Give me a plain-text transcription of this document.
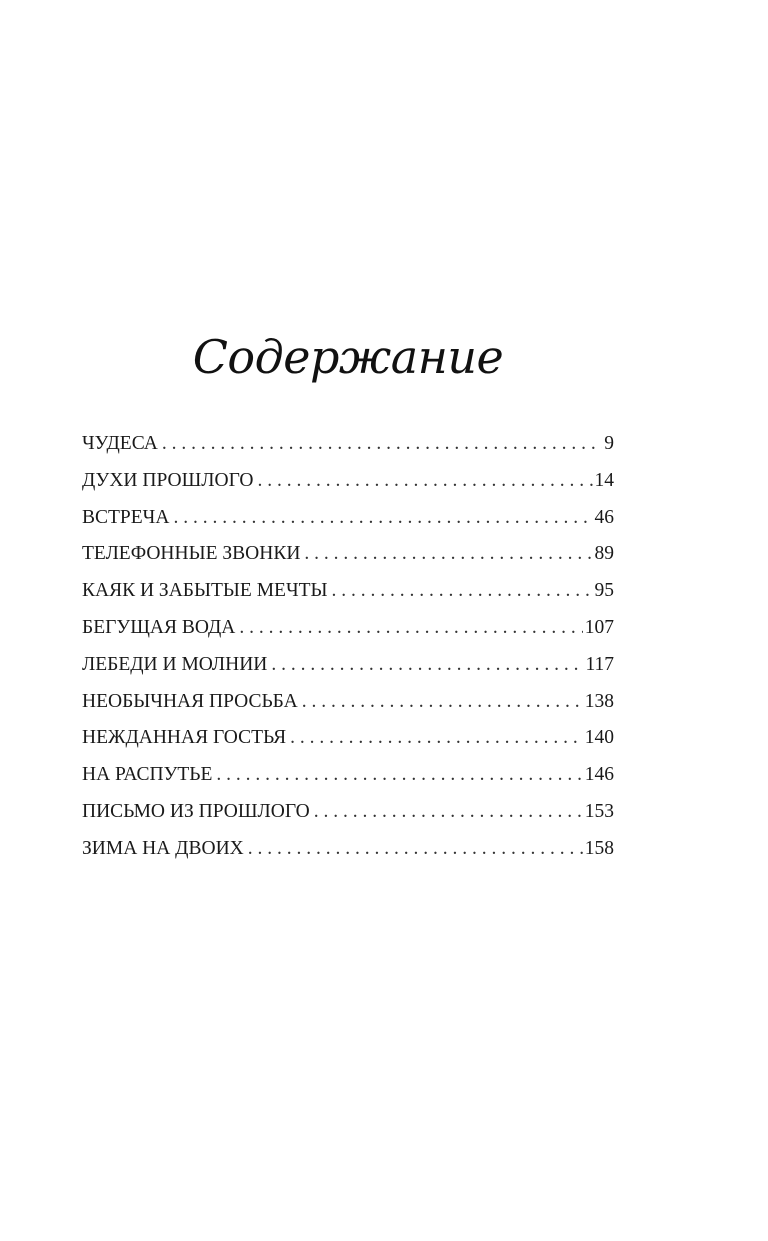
Содержание
ЧУДЕСА . . .	9
ДУХИ ПРОШЛОГО . . .	14
ВСТРЕЧА . . .	46
ТЕЛЕФОННЫЕ ЗВОНКИ . . .	89
КАЯК И ЗАБЫТЫЕ МЕЧТЫ . . .	95
БЕГУЩАЯ ВОДА . . .	107
ЛЕБЕДИ И МОЛНИИ . . .	117
НЕОБЫЧНАЯ ПРОСЬБА . . .	138
НЕЖДАННАЯ ГОСТЬЯ . . .	140
НА РАСПУТЬЕ . . .	146
ПИСЬМО ИЗ ПРОШЛОГО . . .	153
ЗИМА НА ДВОИХ . . .	158
